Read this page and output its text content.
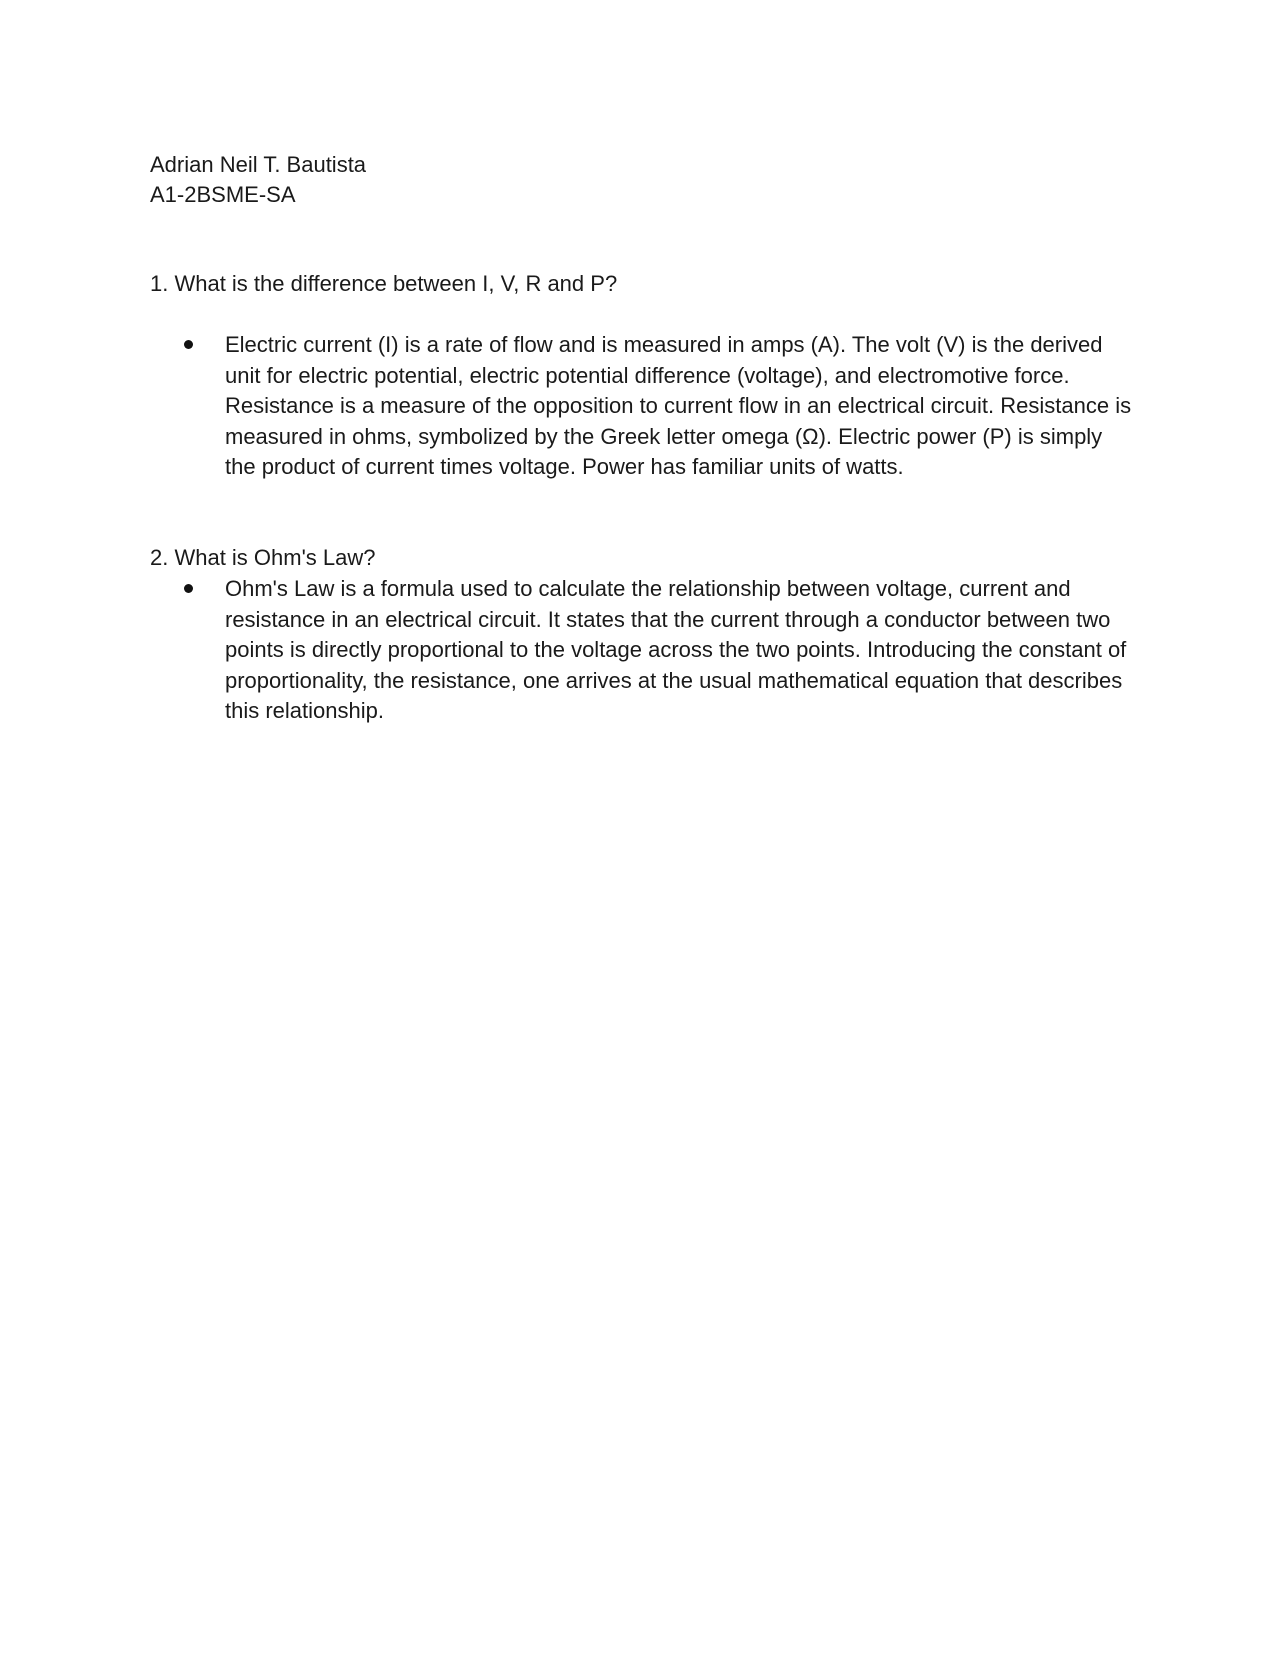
Adrian Neil T. Bautista
A1-2BSME-SA
1. What is the difference between I, V, R and P?
Electric current (I) is a rate of flow and is measured in amps (A). The volt (V) is the derived unit for electric potential, electric potential difference (voltage), and electromotive force. Resistance is a measure of the opposition to current flow in an electrical circuit. Resistance is measured in ohms, symbolized by the Greek letter omega (Ω). Electric power (P) is simply the product of current times voltage. Power has familiar units of watts.
2. What is Ohm's Law?
Ohm's Law is a formula used to calculate the relationship between voltage, current and resistance in an electrical circuit. It states that the current through a conductor between two points is directly proportional to the voltage across the two points. Introducing the constant of proportionality, the resistance, one arrives at the usual mathematical equation that describes this relationship.
